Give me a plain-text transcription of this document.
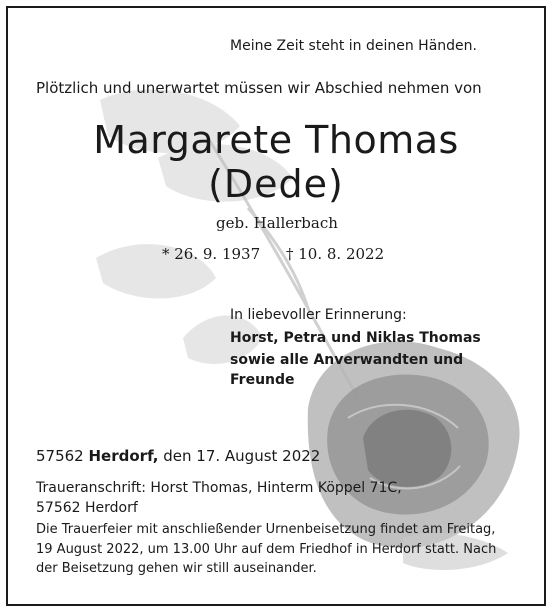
Meine Zeit steht in deinen Händen.
Plötzlich und unerwartet müssen wir Abschied nehmen von
Margarete Thomas
(Dede)
geb. Hallerbach
* 26. 9. 1937 † 10. 8. 2022
In liebevoller Erinnerung:
Horst, Petra und Niklas Thomas
sowie alle Anverwandten und
Freunde
57562 Herdorf, den 17. August 2022
Traueranschrift: Horst Thomas, Hinterm Köppel 71C,
57562 Herdorf
Die Trauerfeier mit anschließender Urnenbeisetzung findet am Freitag,
19 August 2022, um 13.00 Uhr auf dem Friedhof in Herdorf statt. Nach
der Beisetzung gehen wir still auseinander.
